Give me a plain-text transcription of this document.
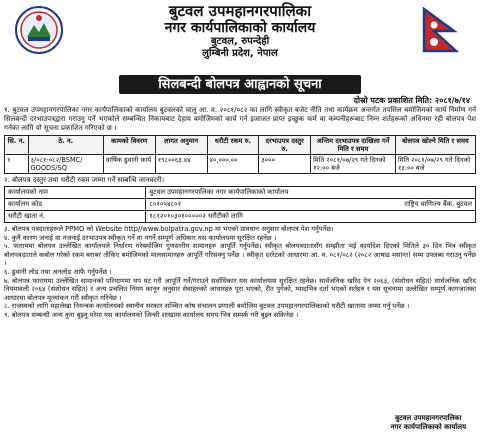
बुटवल उपमहानगरपालिका
नगर कार्यपालिकाको कार्यालय
बुटवल, रुपन्देही
लुम्बिनी प्रदेश, नेपाल
सिलबन्दी बोलपत्र आह्वानको सूचना
दोस्रो पटक प्रकाशित मिति: २०८१/७/१४

१. बुटवल उपमहानगरपालिका नगर कार्यपालिकाको कार्यालय बुटवलको चालु आ. व. २०८१/०८२ का लागि स्वीकृत बजेट नीति तथा कार्यक्रम अन्तर्गत तपसिल बमोजिमको कार्य निर्माण गर्न सिलबन्दी दरभाउपत्रद्वारा गराउनु पर्ने भएकोले सम्बन्धित निकायबाट देहाय बमोजिमको कार्य गर्न इजाजत प्राप्त इच्छुक फर्म वा कम्पनीहरूबाट निम्न शर्तहरूको अधिनमा रही बोलपत्र पेश गर्नका लागि यो सूचना प्रकाशित गरिएको छ ।

सि. न.	ठे. न.	कामको विवरण	लागत अनुमान	धरौटी रकम रु.	दरभाउपत्र दस्तुर रु.	अन्तिम दरभाउपत्र दाखिला गर्ने मिति र समय	बोलपत्र खोल्ने मिति र समय
१	३/०८१-०८२/BSMC/ GOODS/SQ	वार्षिक ढुवानी कार्य	१९८००६३.४४	४०,०००.००	३०००	मिति २०८१/०७/२९ गते दिनको १२:०० बजे	मिति २०८१/०७/२९ गते दिनको १३:०० बजे

२. बोलपत्र दस्तुर तथा धरौटी रकम जम्मा गर्ने सम्बन्धि जानकारी।

कार्यालयको नाम	बुटवल उपमहानगरपालिका नगर कार्यपालिकाको कार्यालय
कार्यालय कोड	८०१०५४८०१ राष्ट्रिय वाणिज्य बैंक, बुटवल

धरौटी खाता नं.	१८१२०१०३०१०००००२ धरौटीको लागि

३. बोलपत्र पत्रदाताहरूले PPMO को Website http//www.bolpatra.gov.np मा भएको प्रावधान अनुसार बोलपत्र पेश गर्नुपर्नेछ।

४. कुनै कारण जनाई वा नजनाई दरभाउपत्र स्वीकृत गर्ने वा नगर्ने सम्पूर्ण अधिकार यस कार्यालयमा सुरक्षित रहनेछ ।

५. फाराममा बोलपत्र उल्लेखित कार्यालयले निर्धारण गरेबमोजिम गुणस्तरीय सामानहरु आपूर्ति गर्नुपर्नेछ। स्वीकृत बोलपत्रदातासँग सम्झौता भई कार्यादेश दिएको मितिले ३० दिन भित्र स्वीकृत बोलपत्रदाताले कबोल गरेको रकम बराबर तोकिए बमोजिमको मालसामानहरु आपूर्ति गरिसक्नु पर्नेछ । स्वीकृत दररेटको आधारमा आ. व. ०८१/०८२ (२०८२ आषाढ मसान्त) सम्म उपलब्ध गराउनु पर्नेछ ।

६. ढुवानी लोड तथा अनलोड आफै गर्नुपर्नेछ ।

७. बोलपत्र फाराममा उल्लेखित सामानको परिमाणमा थप घट गरी आपूर्ति गर्ने/गराउने सर्वाधिकार यस कार्यालयमा सुरक्षित रहनेछ। सार्वजनिक खरिद ऐन २०६३, (संशोधन सहित) सार्वजनिक खरिद नियमावली २०६४ (संशोधन सहित) र अन्य प्रचलित नियम कानून अनुसार सेवाहरुको आधारहरु पूरा भएको, रीत पुगेको, म्यादभित्र दर्ता भएको सर्तहरु र यस सूचनामा उल्लेखित सम्पूर्ण कागजातका आधारमा बोलपत्र मूल्यांकन गरी स्वीकृत गरिनेछ ।

८. राजस्वको लागि महालेखा नियन्त्रक कार्यालयको स्थानीय सरकार सञ्चित कोष संचालन प्रणाली बमोजिम बुटवल उपमहानगरपालिकाको धरौटी खातामा जम्मा गर्नु पर्नेछ ।

९. बोलपत्र सम्बन्धी अन्य कुरा बुझ्नु परेमा यस कार्यालयको जिन्सी शाखामा कार्यालय समय भित्र सम्पर्क गरी बुझ्न सकिनेछ ।

बुटवल उपमहानगरपालिका
नगर कार्यपालिकाको कार्यालय
